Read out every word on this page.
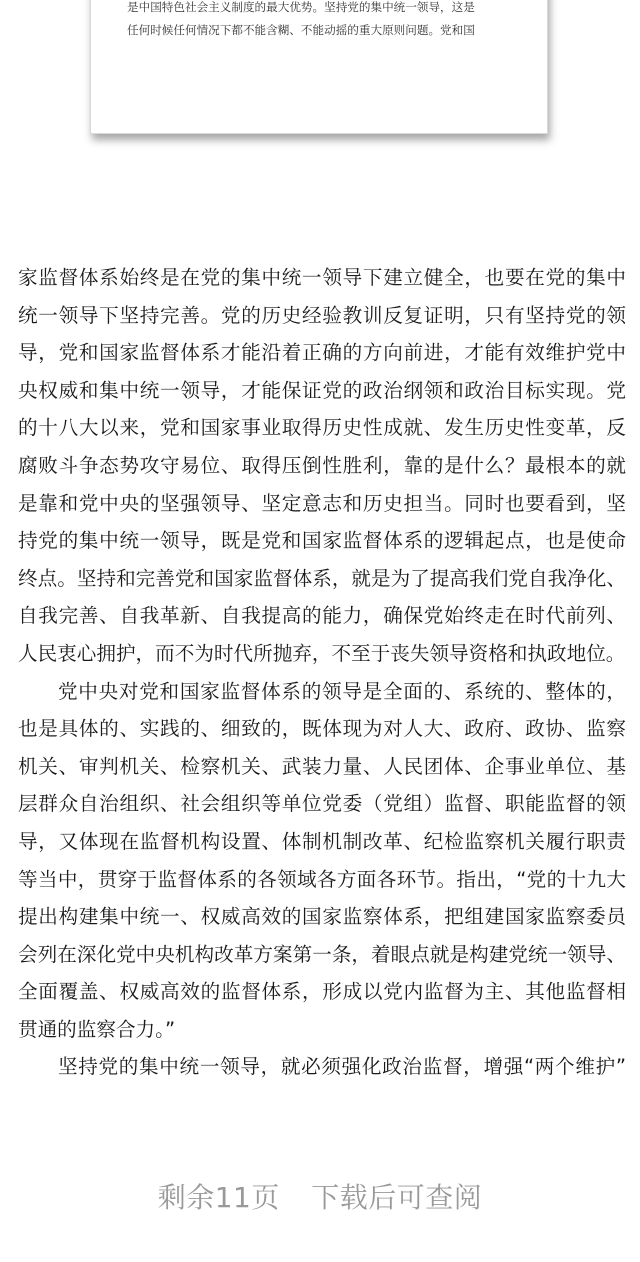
是中国特色社会主义制度的最大优势。坚持党的集中统一领导，这是
任何时候任何情况下都不能含糊、不能动摇的重大原则问题。党和国
家监督体系始终是在党的集中统一领导下建立健全，也要在党的集中
统一领导下坚持完善。党的历史经验教训反复证明，只有坚持党的领
导，党和国家监督体系才能沿着正确的方向前进，才能有效维护党中
央权威和集中统一领导，才能保证党的政治纲领和政治目标实现。党
的十八大以来，党和国家事业取得历史性成就、发生历史性变革，反
腐败斗争态势攻守易位、取得压倒性胜利，靠的是什么？最根本的就
是靠和党中央的坚强领导、坚定意志和历史担当。同时也要看到，坚
持党的集中统一领导，既是党和国家监督体系的逻辑起点，也是使命
终点。坚持和完善党和国家监督体系，就是为了提高我们党自我净化、
自我完善、自我革新、自我提高的能力，确保党始终走在时代前列、
人民衷心拥护，而不为时代所抛弃，不至于丧失领导资格和执政地位。
党中央对党和国家监督体系的领导是全面的、系统的、整体的，
也是具体的、实践的、细致的，既体现为对人大、政府、政协、监察
机关、审判机关、检察机关、武装力量、人民团体、企事业单位、基
层群众自治组织、社会组织等单位党委（党组）监督、职能监督的领
导，又体现在监督机构设置、体制机制改革、纪检监察机关履行职责
等当中，贯穿于监督体系的各领域各方面各环节。指出，“党的十九大
提出构建集中统一、权威高效的国家监察体系，把组建国家监察委员
会列在深化党中央机构改革方案第一条，着眼点就是构建党统一领导、
全面覆盖、权威高效的监督体系，形成以党内监督为主、其他监督相
贯通的监察合力。”
坚持党的集中统一领导，就必须强化政治监督，增强“两个维护”
剩余11页 下载后可查阅
